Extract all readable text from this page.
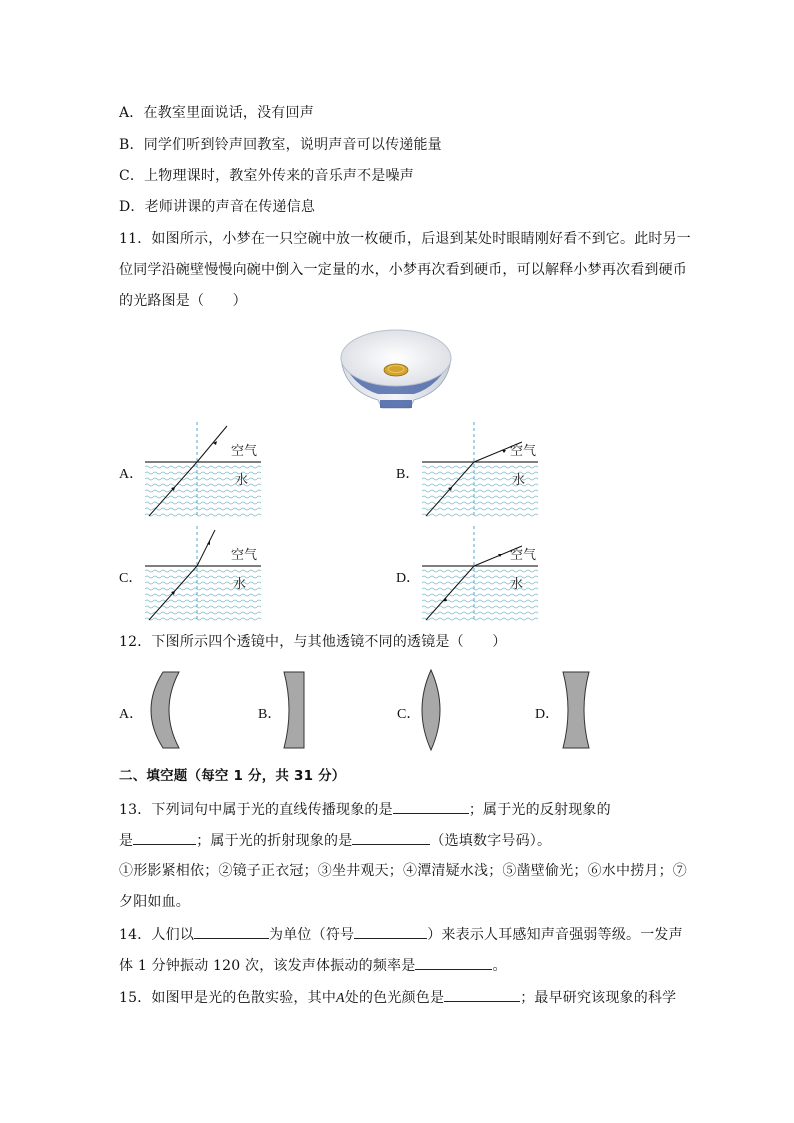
A．在教室里面说话，没有回声
B．同学们听到铃声回教室，说明声音可以传递能量
C．上物理课时，教室外传来的音乐声不是噪声
D．老师讲课的声音在传递信息
11．如图所示，小梦在一只空碗中放一枚硬币，后退到某处时眼睛刚好看不到它。此时另一
位同学沿碗壁慢慢向碗中倒入一定量的水，小梦再次看到硬币，可以解释小梦再次看到硬币
的光路图是（　　）
A．	B．
C．	D．
空气
水
空气
水
空气
水
空气
水
12．下图所示四个透镜中，与其他透镜不同的透镜是（　　）
A．	B．	C．	D．
二、填空题（每空 1 分，共 31 分）
13．下列词句中属于光的直线传播现象的是	；属于光的反射现象的
是	；属于光的折射现象的是	（选填数字号码）。
①形影紧相依；②镜子正衣冠；③坐井观天；④潭清疑水浅；⑤凿壁偷光；⑥水中捞月；⑦
夕阳如血。
14．人们以	为单位（符号	）来表示人耳感知声音强弱等级。一发声
体 1 分钟振动 120 次，该发声体振动的频率是	。
15．如图甲是光的色散实验，其中A处的色光颜色是	；最早研究该现象的科学
